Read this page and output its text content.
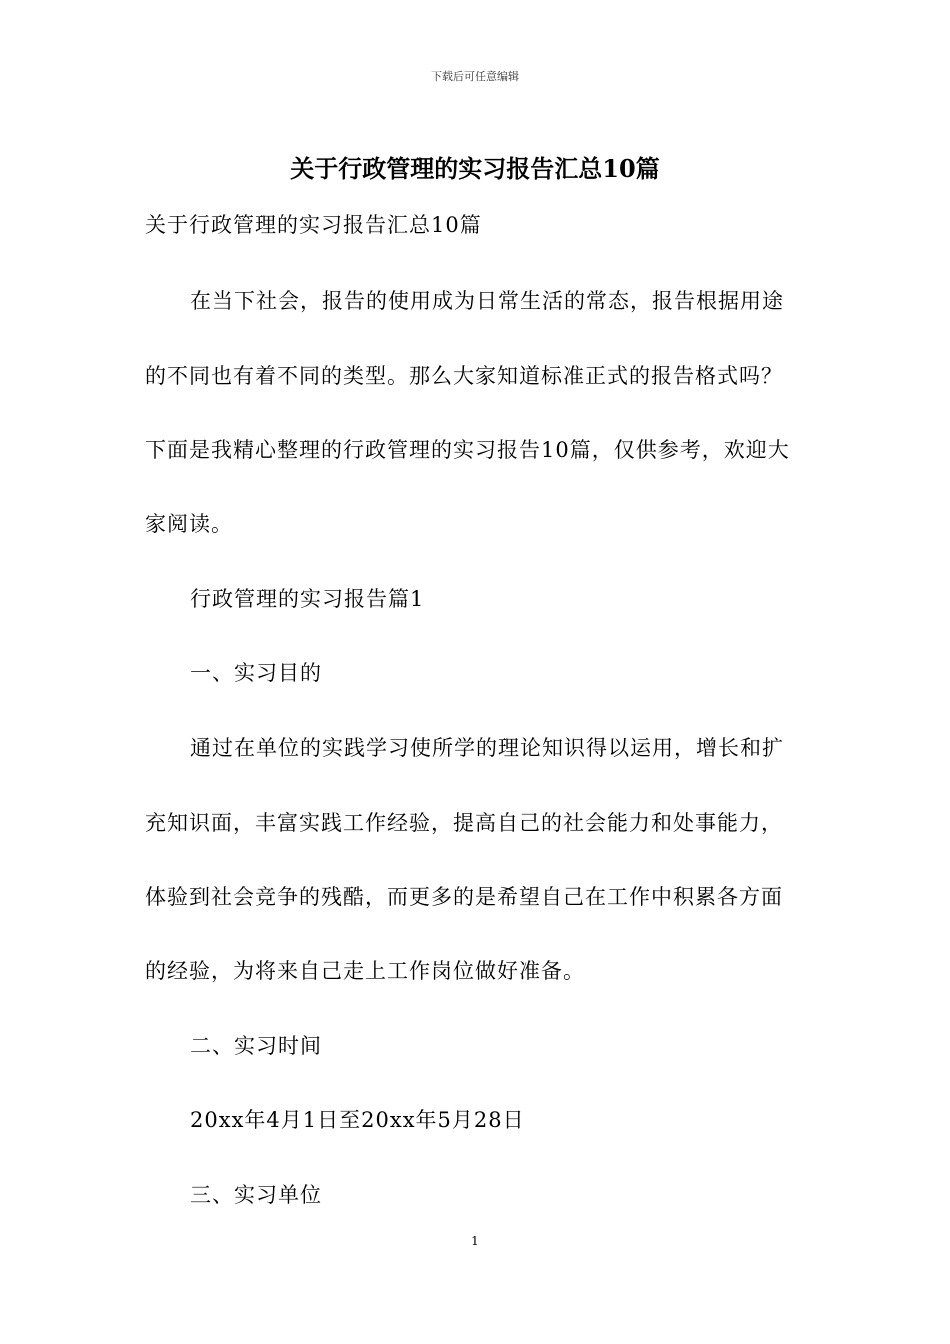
下载后可任意编辑
关于行政管理的实习报告汇总10篇
关于行政管理的实习报告汇总10篇
在当下社会，报告的使用成为日常生活的常态，报告根据用途
的不同也有着不同的类型。那么大家知道标准正式的报告格式吗？
下面是我精心整理的行政管理的实习报告10篇，仅供参考，欢迎大
家阅读。
行政管理的实习报告篇1
一、实习目的
通过在单位的实践学习使所学的理论知识得以运用，增长和扩
充知识面，丰富实践工作经验，提高自己的社会能力和处事能力，
体验到社会竞争的残酷，而更多的是希望自己在工作中积累各方面
的经验，为将来自己走上工作岗位做好准备。
二、实习时间
20xx年4月1日至20xx年5月28日
三、实习单位
1
